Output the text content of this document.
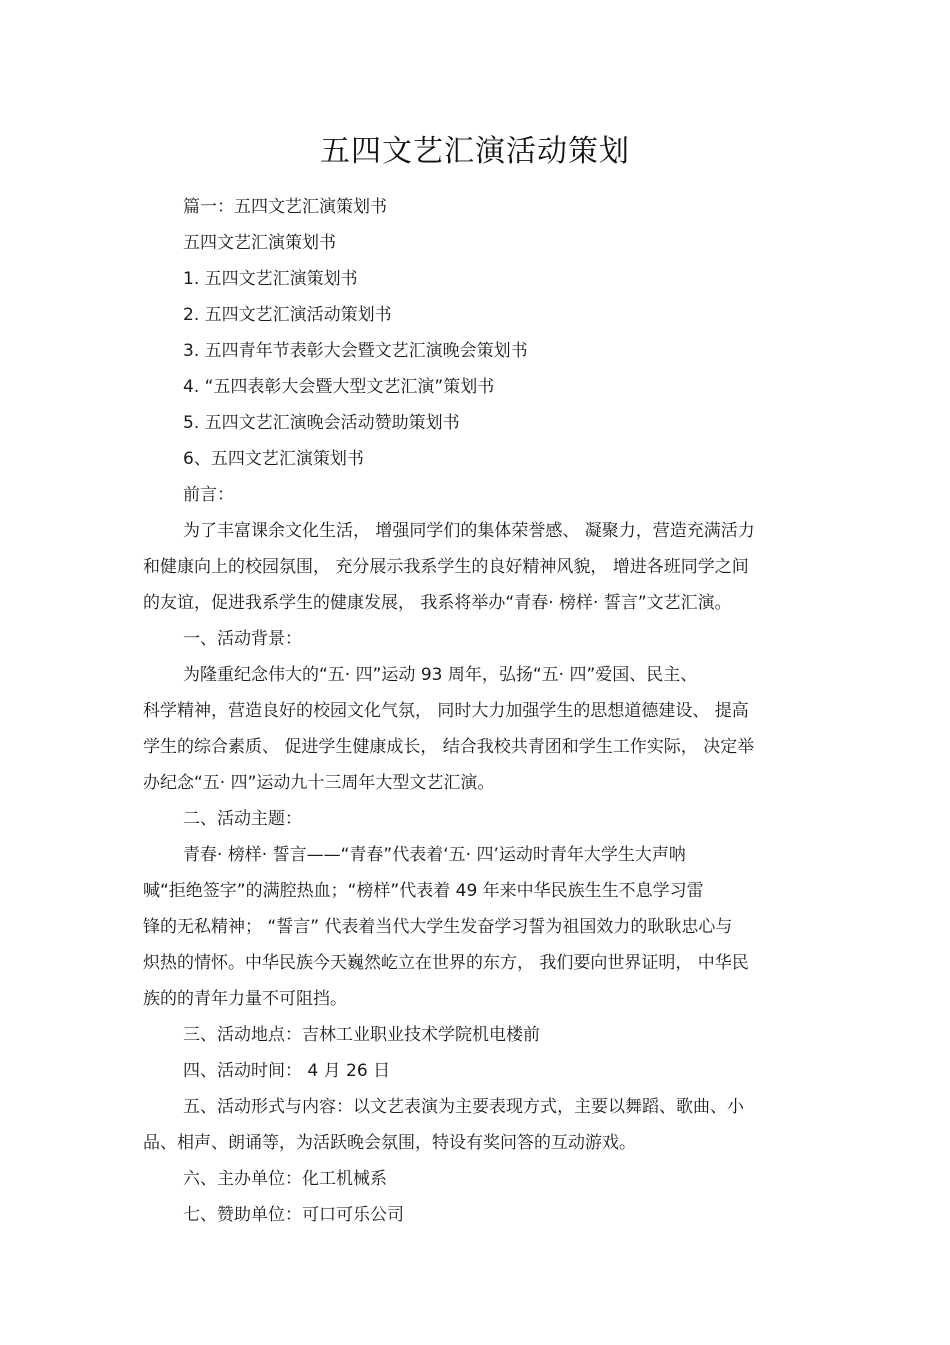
五四文艺汇演活动策划
篇一：五四文艺汇演策划书
五四文艺汇演策划书
1. 五四文艺汇演策划书
2. 五四文艺汇演活动策划书
3. 五四青年节表彰大会暨文艺汇演晚会策划书
4. “五四表彰大会暨大型文艺汇演”策划书
5. 五四文艺汇演晚会活动赞助策划书
6、五四文艺汇演策划书
前言：
为了丰富课余文化生活， 增强同学们的集体荣誉感、 凝聚力，营造充满活力
和健康向上的校园氛围， 充分展示我系学生的良好精神风貌， 增进各班同学之间
的友谊，促进我系学生的健康发展， 我系将举办“青春· 榜样· 誓言”文艺汇演。
一、活动背景：
为隆重纪念伟大的“五· 四”运动 93 周年，弘扬“五· 四”爱国、民主、
科学精神，营造良好的校园文化气氛， 同时大力加强学生的思想道德建设、 提高
学生的综合素质、 促进学生健康成长， 结合我校共青团和学生工作实际， 决定举
办纪念“五· 四”运动九十三周年大型文艺汇演。
二、活动主题：
青春· 榜样· 誓言——“青春”代表着‘五· 四’运动时青年大学生大声呐
喊“拒绝签字”的满腔热血；“榜样”代表着 49 年来中华民族生生不息学习雷
锋的无私精神； “誓言” 代表着当代大学生发奋学习誓为祖国效力的耿耿忠心与
炽热的情怀。中华民族今天巍然屹立在世界的东方， 我们要向世界证明， 中华民
族的的青年力量不可阻挡。
三、活动地点：吉林工业职业技术学院机电楼前
四、活动时间： 4 月 26 日
五、活动形式与内容：以文艺表演为主要表现方式，主要以舞蹈、歌曲、小
品、相声、朗诵等，为活跃晚会氛围，特设有奖问答的互动游戏。
六、主办单位：化工机械系
七、赞助单位：可口可乐公司
